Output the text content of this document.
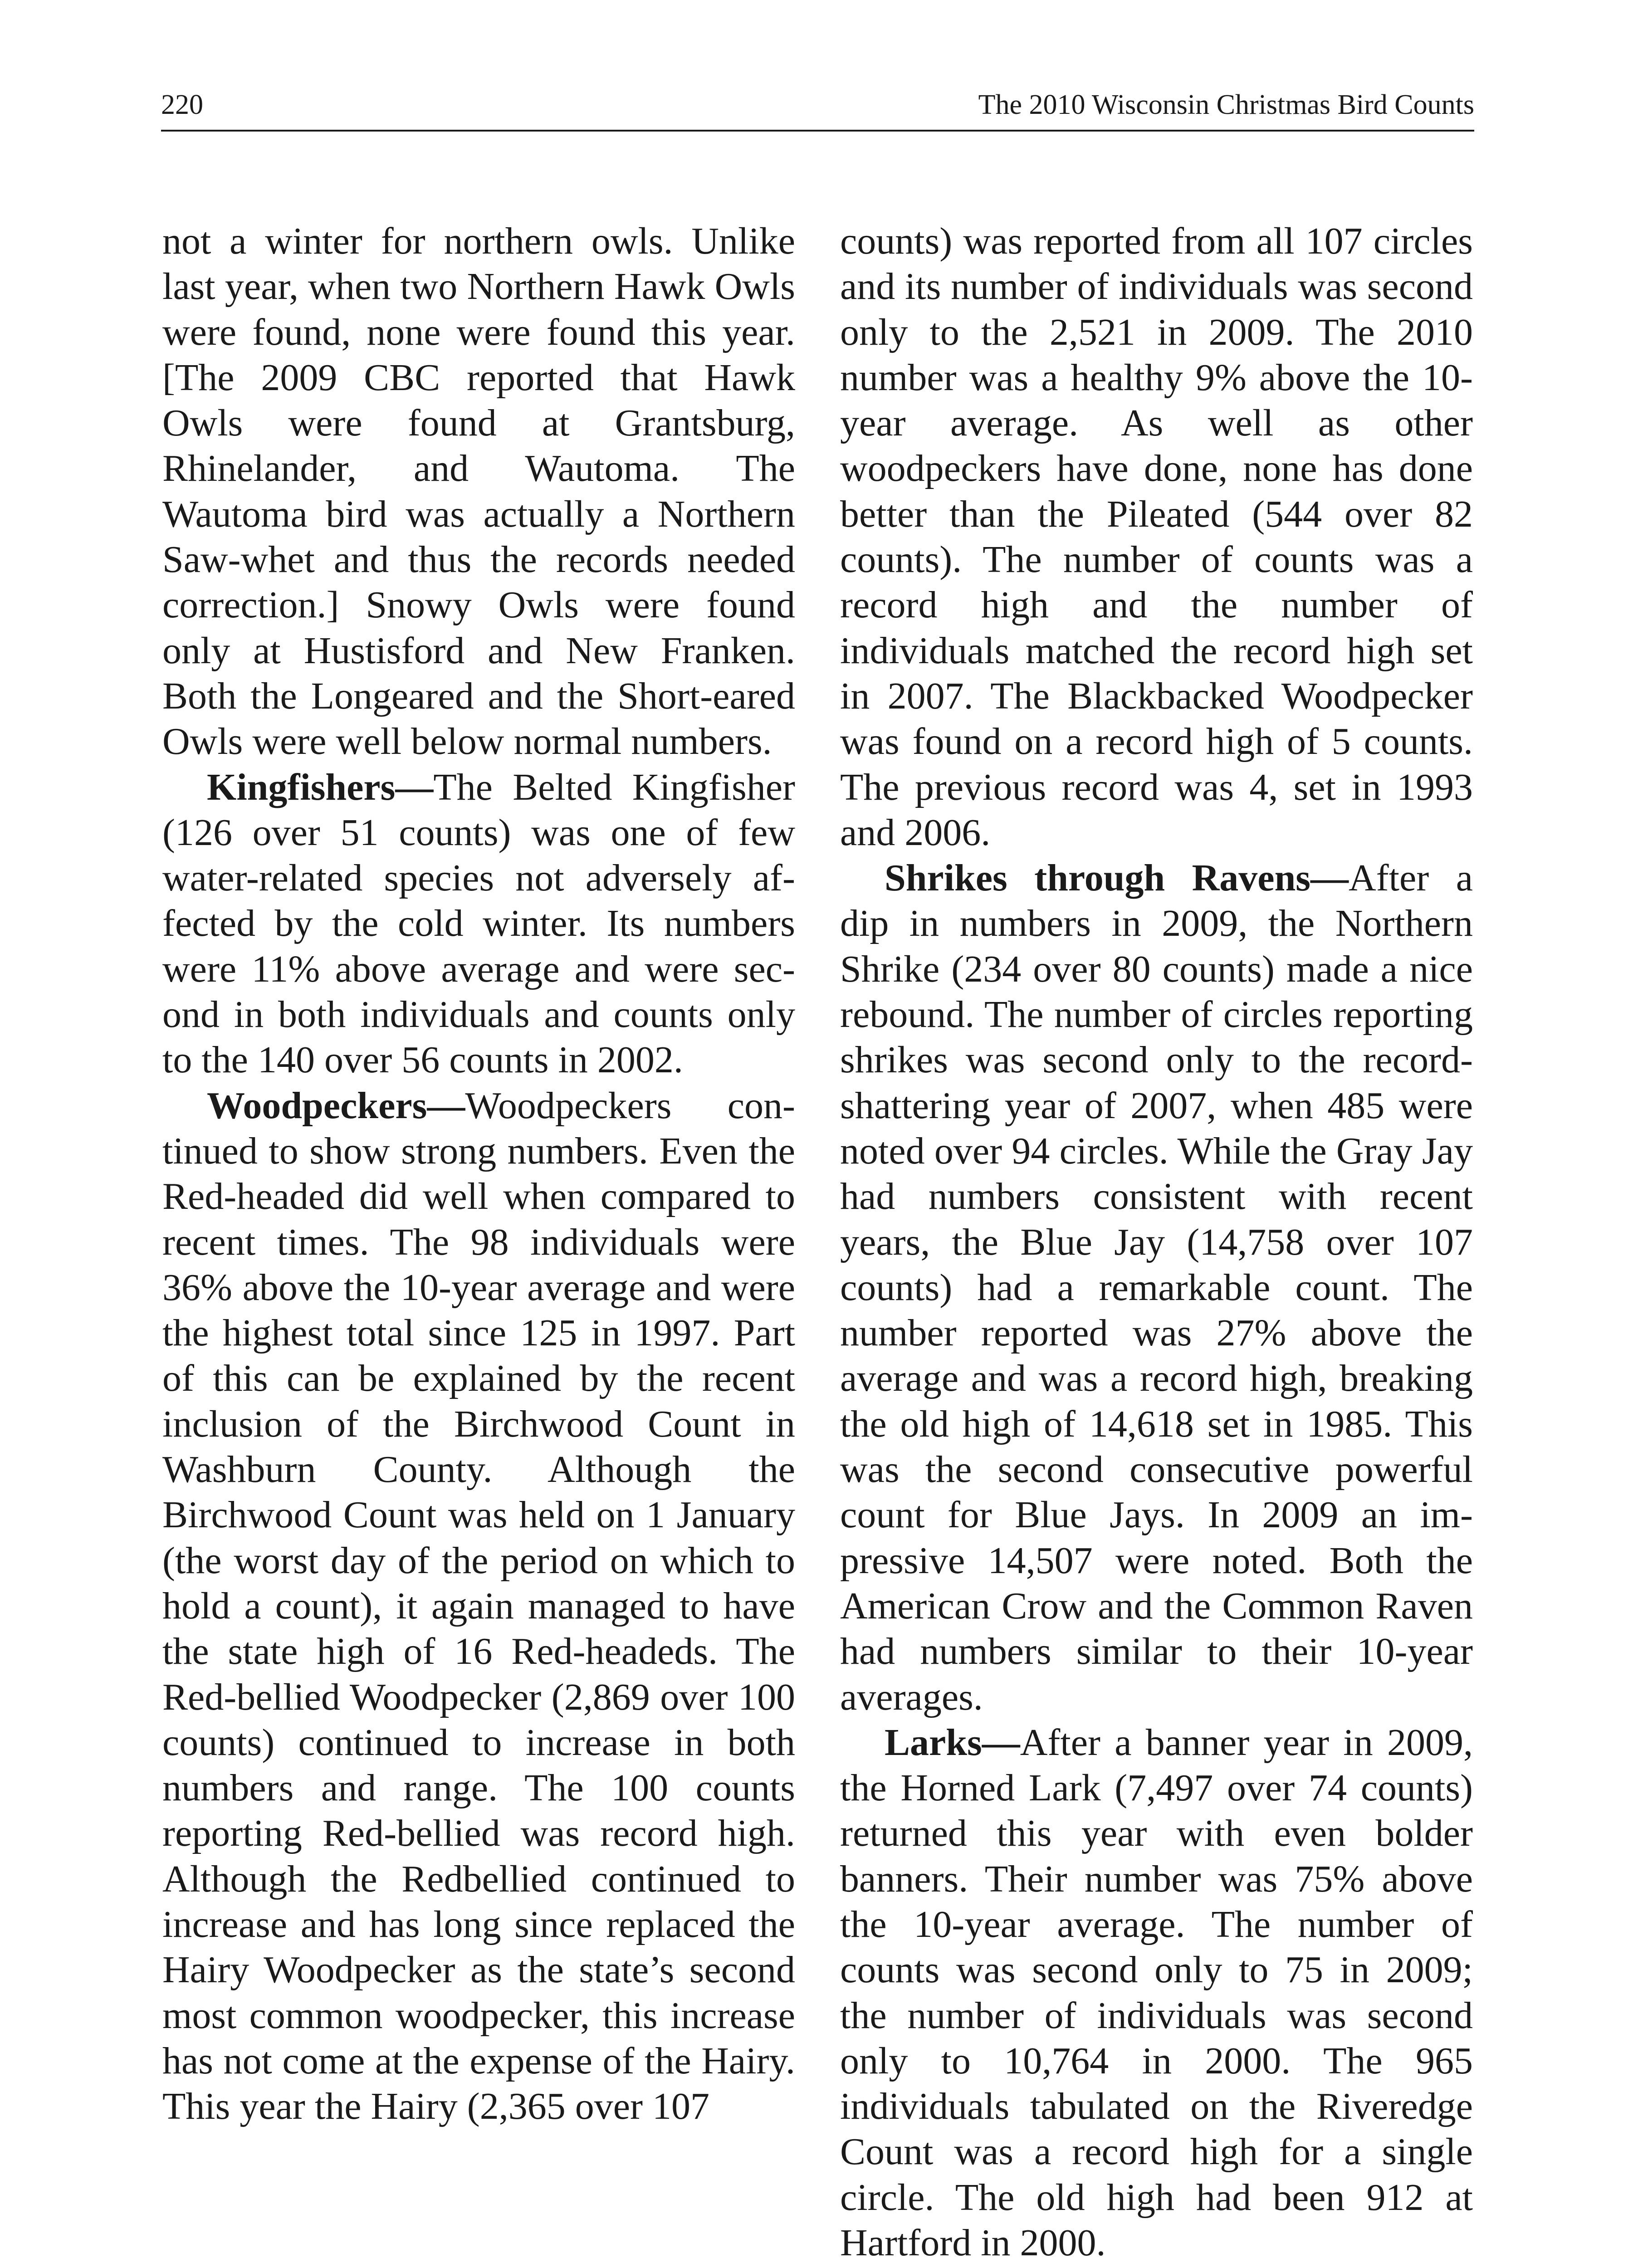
220	The 2010 Wisconsin Christmas Bird Counts

not a winter for northern owls. Unlike last year, when two Northern Hawk Owls were found, none were found this year. [The 2009 CBC reported that Hawk Owls were found at Grantsburg, Rhinelander, and Wautoma. The Wautoma bird was actually a Northern Saw-whet and thus the records needed correction.] Snowy Owls were found only at Hustisford and New Franken. Both the Longeared and the Short-eared Owls were well below normal numbers.

Kingfishers—The Belted Kingfisher (126 over 51 counts) was one of few water-related species not adversely affected by the cold winter. Its numbers were 11% above average and were second in both individuals and counts only to the 140 over 56 counts in 2002.

Woodpeckers—Woodpeckers continued to show strong numbers. Even the Red-headed did well when compared to recent times. The 98 individuals were 36% above the 10-year average and were the highest total since 125 in 1997. Part of this can be explained by the recent inclusion of the Birchwood Count in Washburn County. Although the Birchwood Count was held on 1 January (the worst day of the period on which to hold a count), it again managed to have the state high of 16 Red-headeds. The Red-bellied Woodpecker (2,869 over 100 counts) continued to increase in both numbers and range. The 100 counts reporting Red-bellied was record high. Although the Redbellied continued to increase and has long since replaced the Hairy Woodpecker as the state’s second most common woodpecker, this increase has not come at the expense of the Hairy. This year the Hairy (2,365 over 107

counts) was reported from all 107 circles and its number of individuals was second only to the 2,521 in 2009. The 2010 number was a healthy 9% above the 10-year average. As well as other woodpeckers have done, none has done better than the Pileated (544 over 82 counts). The number of counts was a record high and the number of individuals matched the record high set in 2007. The Blackbacked Woodpecker was found on a record high of 5 counts. The previous record was 4, set in 1993 and 2006.

Shrikes through Ravens—After a dip in numbers in 2009, the Northern Shrike (234 over 80 counts) made a nice rebound. The number of circles reporting shrikes was second only to the record-shattering year of 2007, when 485 were noted over 94 circles. While the Gray Jay had numbers consistent with recent years, the Blue Jay (14,758 over 107 counts) had a remarkable count. The number reported was 27% above the average and was a record high, breaking the old high of 14,618 set in 1985. This was the second consecutive powerful count for Blue Jays. In 2009 an impressive 14,507 were noted. Both the American Crow and the Common Raven had numbers similar to their 10-year averages.

Larks—After a banner year in 2009, the Horned Lark (7,497 over 74 counts) returned this year with even bolder banners. Their number was 75% above the 10-year average. The number of counts was second only to 75 in 2009; the number of individuals was second only to 10,764 in 2000. The 965 individuals tabulated on the Riveredge Count was a record high for a single circle. The old high had been 912 at Hartford in 2000.
